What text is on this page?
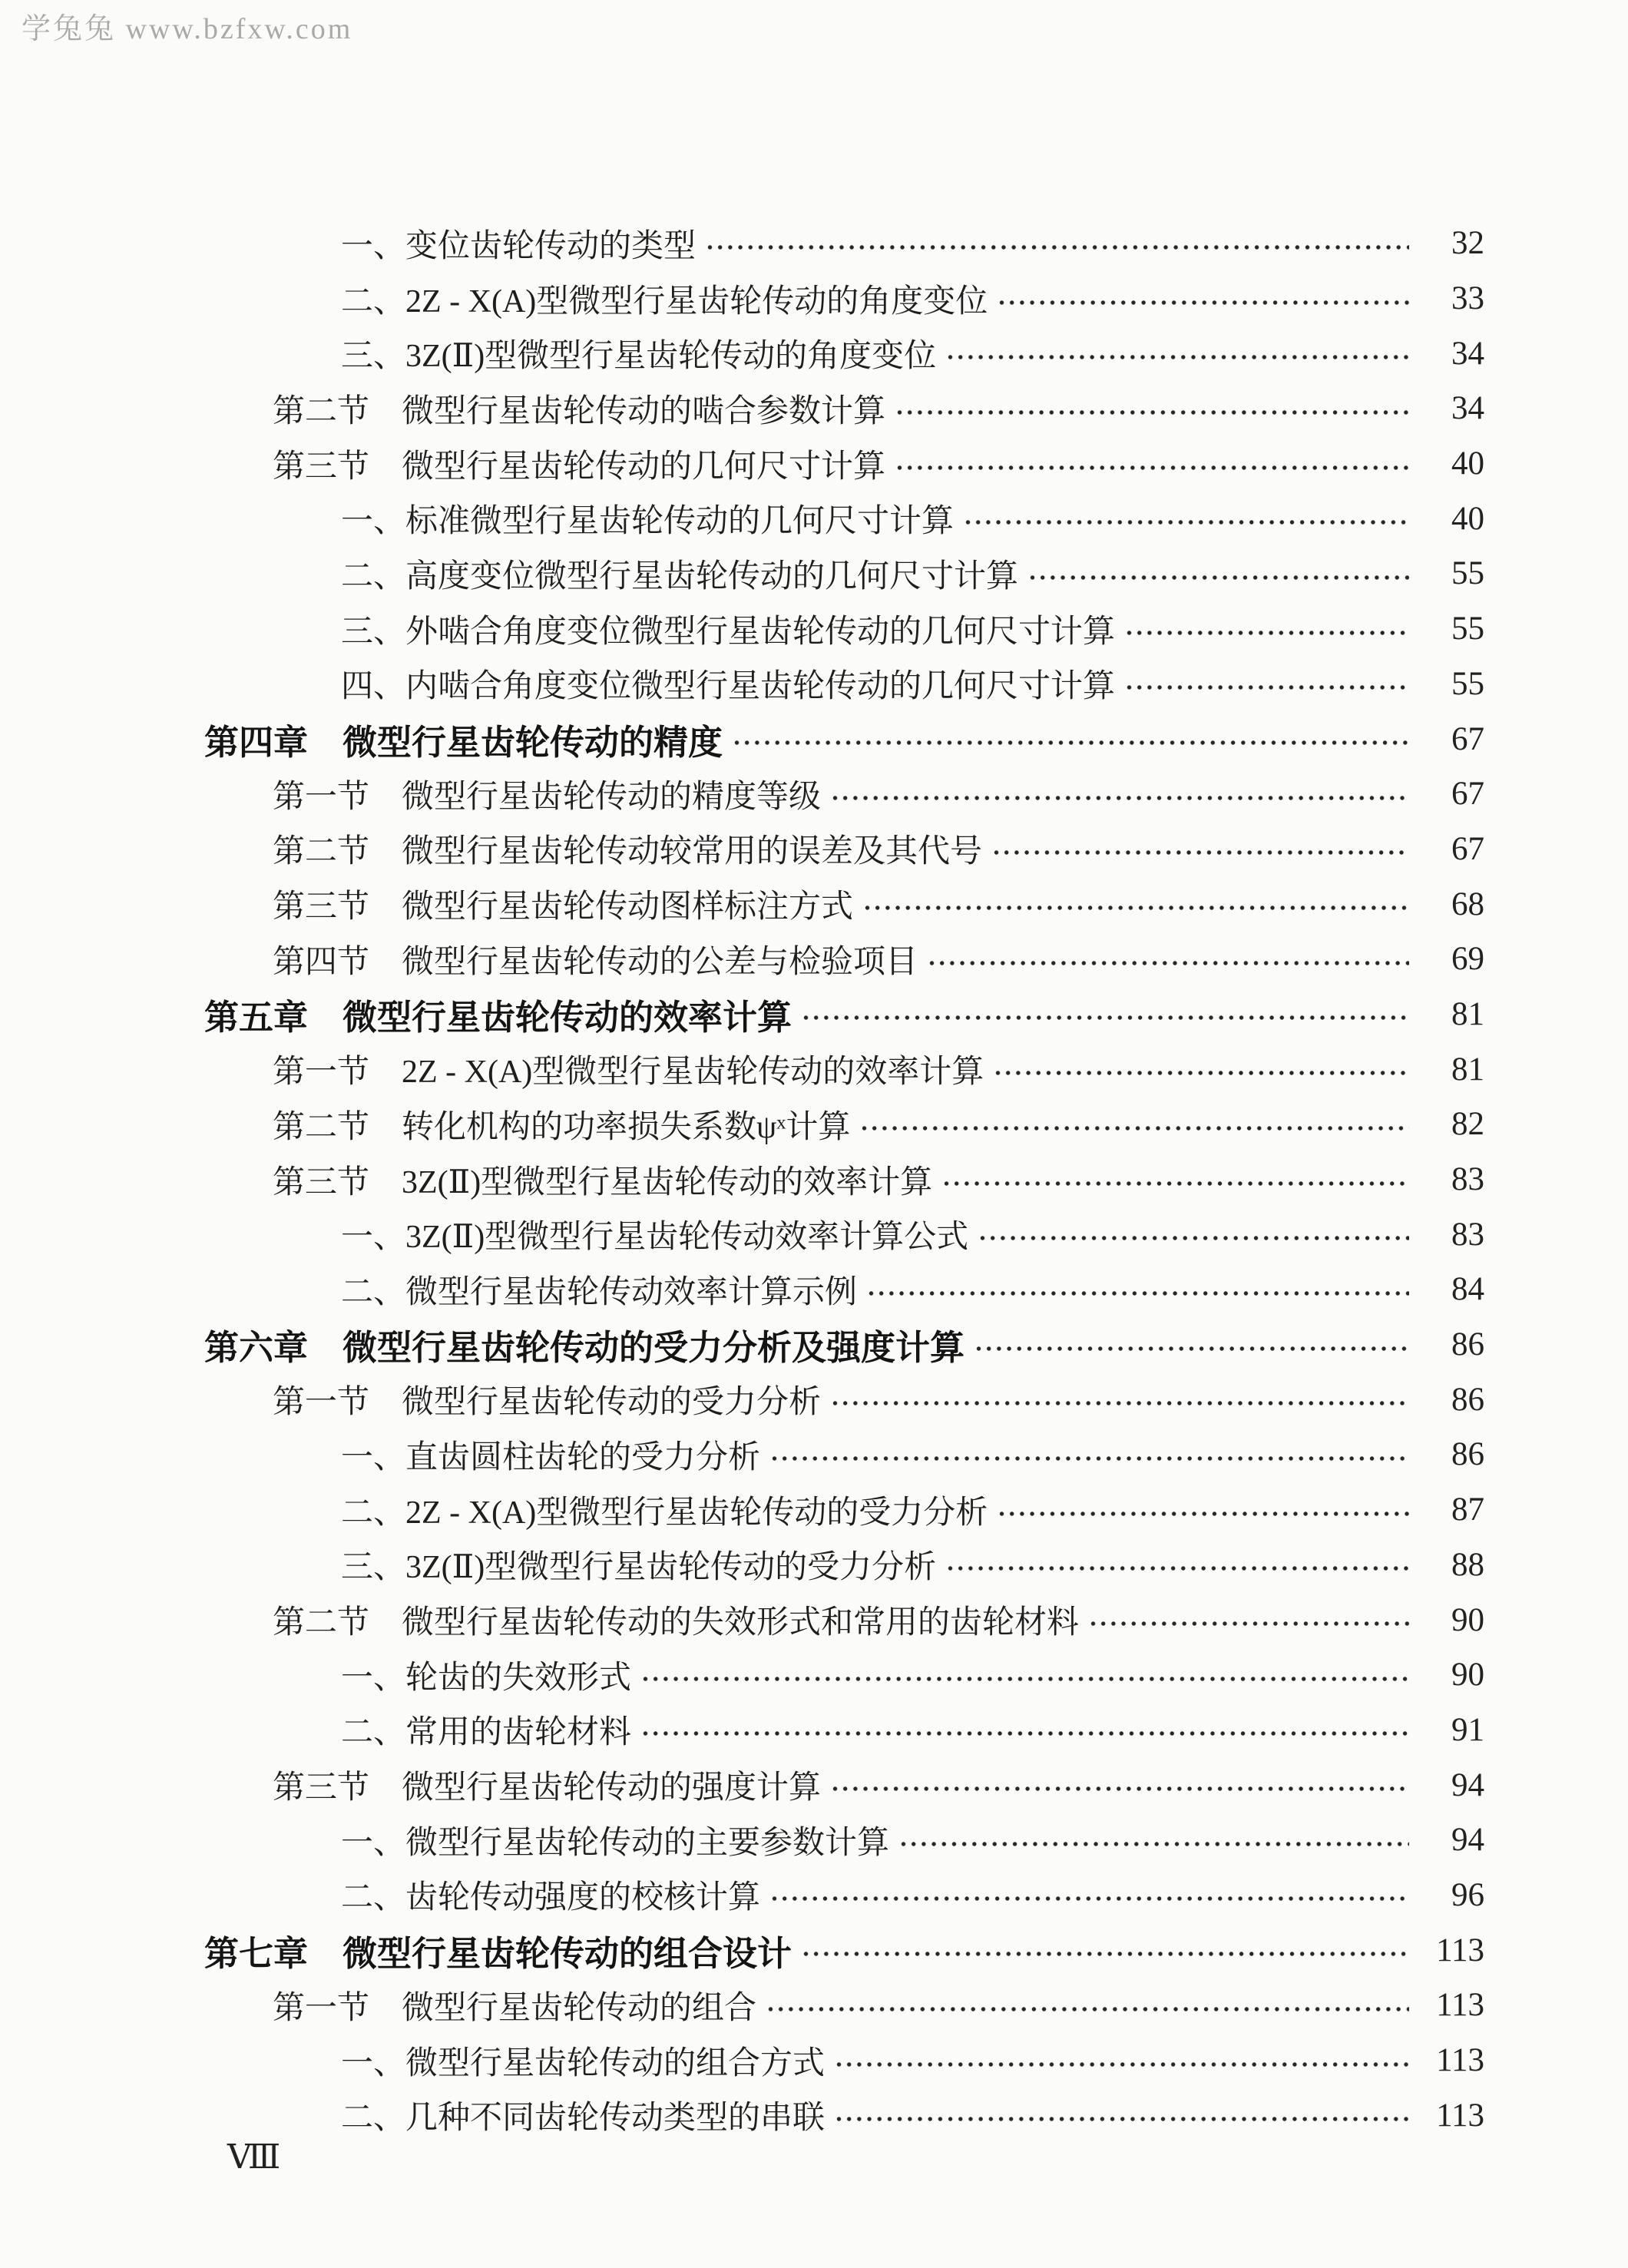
学兔兔 www.bzfxw.com
一、变位齿轮传动的类型	32
二、2Z - X(A)型微型行星齿轮传动的角度变位	33
三、3Z(Ⅱ)型微型行星齿轮传动的角度变位	34
第二节　微型行星齿轮传动的啮合参数计算	34
第三节　微型行星齿轮传动的几何尺寸计算	40
一、标准微型行星齿轮传动的几何尺寸计算	40
二、高度变位微型行星齿轮传动的几何尺寸计算	55
三、外啮合角度变位微型行星齿轮传动的几何尺寸计算	55
四、内啮合角度变位微型行星齿轮传动的几何尺寸计算	55
第四章　微型行星齿轮传动的精度	67
第一节　微型行星齿轮传动的精度等级	67
第二节　微型行星齿轮传动较常用的误差及其代号	67
第三节　微型行星齿轮传动图样标注方式	68
第四节　微型行星齿轮传动的公差与检验项目	69
第五章　微型行星齿轮传动的效率计算	81
第一节　2Z - X(A)型微型行星齿轮传动的效率计算	81
第二节　转化机构的功率损失系数ψˣ计算	82
第三节　3Z(Ⅱ)型微型行星齿轮传动的效率计算	83
一、3Z(Ⅱ)型微型行星齿轮传动效率计算公式	83
二、微型行星齿轮传动效率计算示例	84
第六章　微型行星齿轮传动的受力分析及强度计算	86
第一节　微型行星齿轮传动的受力分析	86
一、直齿圆柱齿轮的受力分析	86
二、2Z - X(A)型微型行星齿轮传动的受力分析	87
三、3Z(Ⅱ)型微型行星齿轮传动的受力分析	88
第二节　微型行星齿轮传动的失效形式和常用的齿轮材料	90
一、轮齿的失效形式	90
二、常用的齿轮材料	91
第三节　微型行星齿轮传动的强度计算	94
一、微型行星齿轮传动的主要参数计算	94
二、齿轮传动强度的校核计算	96
第七章　微型行星齿轮传动的组合设计	113
第一节　微型行星齿轮传动的组合	113
一、微型行星齿轮传动的组合方式	113
二、几种不同齿轮传动类型的串联	113
Ⅷ
